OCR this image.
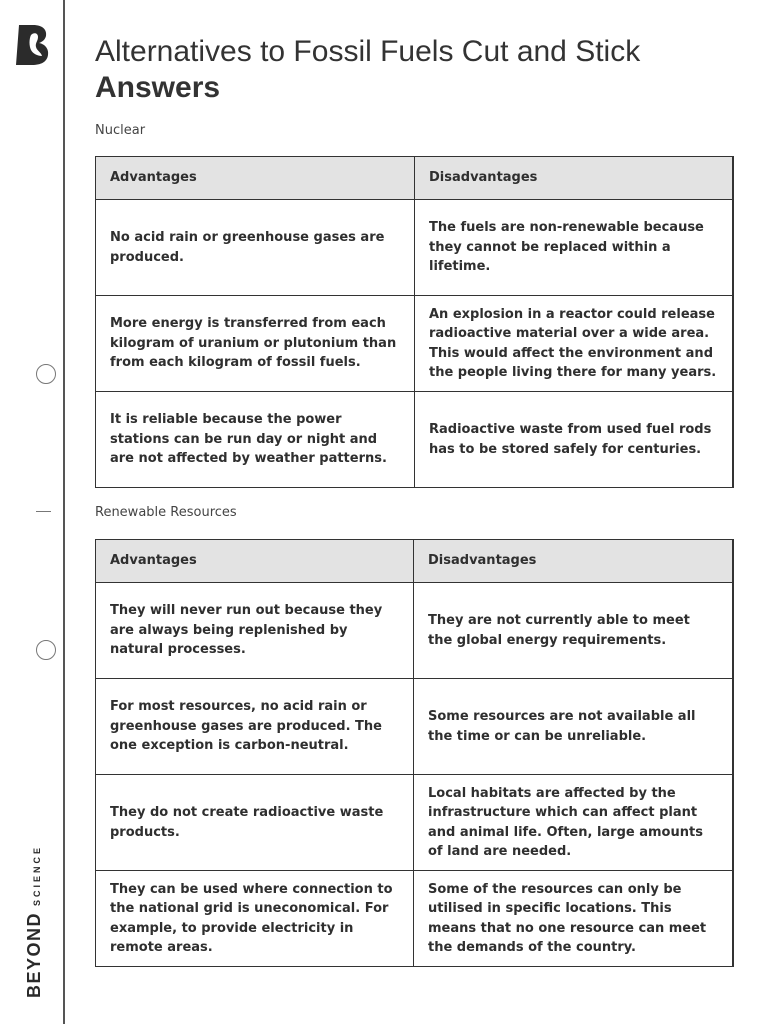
BEYOND
SCIENCE
Alternatives to Fossil Fuels Cut and Stick
Answers
Nuclear
Advantages	Disadvantages
No acid rain or greenhouse gases are produced.	The fuels are non-renewable because they cannot be replaced within a lifetime.
More energy is transferred from each kilogram of uranium or plutonium than from each kilogram of fossil fuels.	An explosion in a reactor could release radioactive material over a wide area. This would affect the environment and the people living there for many years.
It is reliable because the power stations can be run day or night and are not affected by weather patterns.	Radioactive waste from used fuel rods has to be stored safely for centuries.
Renewable Resources
Advantages	Disadvantages
They will never run out because they are always being replenished by natural processes.	They are not currently able to meet the global energy requirements.
For most resources, no acid rain or greenhouse gases are produced. The one exception is carbon-neutral.	Some resources are not available all the time or can be unreliable.
They do not create radioactive waste products.	Local habitats are affected by the infrastructure which can affect plant and animal life. Often, large amounts of land are needed.
They can be used where connection to the national grid is uneconomical. For example, to provide electricity in remote areas.	Some of the resources can only be utilised in specific locations. This means that no one resource can meet the demands of the country.
